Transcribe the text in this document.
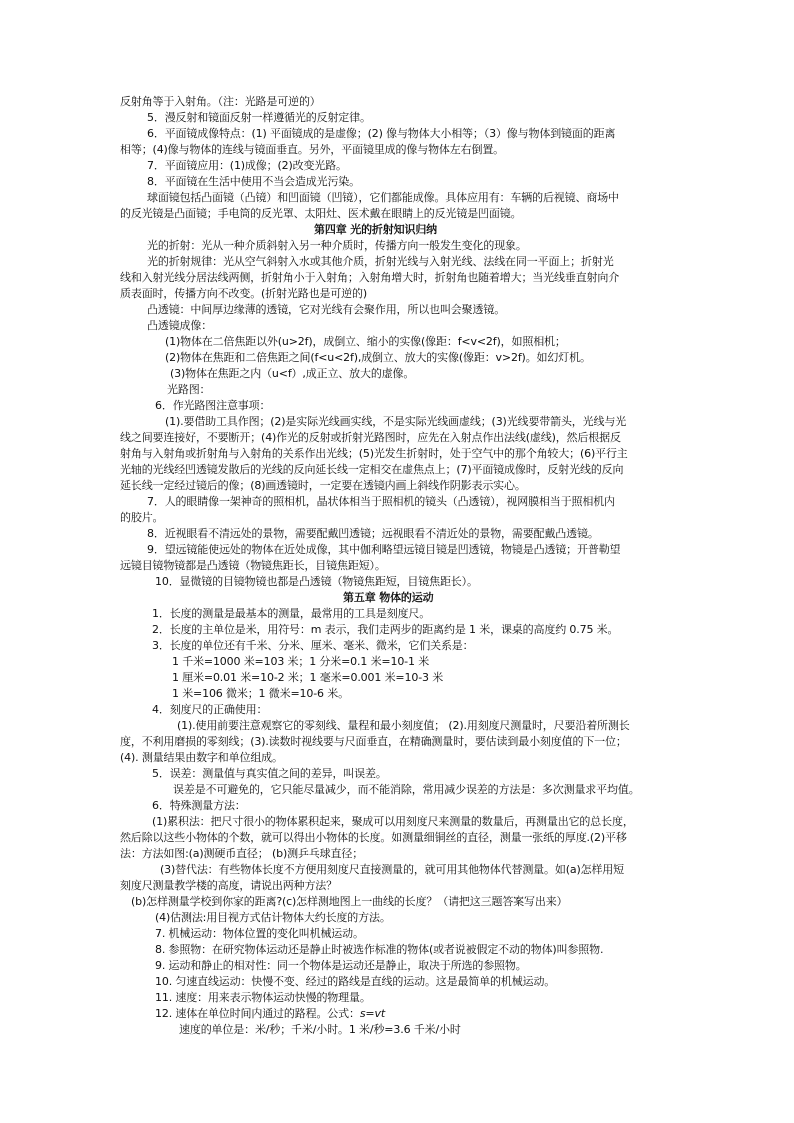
反射角等于入射角。（注：光路是可逆的）
5．漫反射和镜面反射一样遵循光的反射定律。
6．平面镜成像特点：(1) 平面镜成的是虚像；(2) 像与物体大小相等；（3）像与物体到镜面的距离
相等；(4)像与物体的连线与镜面垂直。另外，平面镜里成的像与物体左右倒置。
7．平面镜应用：(1)成像；(2)改变光路。
8．平面镜在生活中使用不当会造成光污染。
球面镜包括凸面镜（凸镜）和凹面镜（凹镜），它们都能成像。具体应用有：车辆的后视镜、商场中
的反光镜是凸面镜；手电筒的反光罩、太阳灶、医术戴在眼睛上的反光镜是凹面镜。
第四章 光的折射知识归纳
光的折射：光从一种介质斜射入另一种介质时，传播方向一般发生变化的现象。
光的折射规律：光从空气斜射入水或其他介质，折射光线与入射光线、法线在同一平面上；折射光
线和入射光线分居法线两侧，折射角小于入射角；入射角增大时，折射角也随着增大；当光线垂直射向介
质表面时，传播方向不改变。(折射光路也是可逆的)
凸透镜：中间厚边缘薄的透镜，它对光线有会聚作用，所以也叫会聚透镜。
凸透镜成像：
(1)物体在二倍焦距以外(u>2f)，成倒立、缩小的实像(像距：f<v<2f)，如照相机；
(2)物体在焦距和二倍焦距之间(f<u<2f),成倒立、放大的实像(像距：v>2f)。如幻灯机。
(3)物体在焦距之内（u<f）,成正立、放大的虚像。
光路图：
6．作光路图注意事项：
(1).要借助工具作图；(2)是实际光线画实线，不是实际光线画虚线；(3)光线要带箭头，光线与光
线之间要连接好，不要断开；(4)作光的反射或折射光路图时，应先在入射点作出法线(虚线)，然后根据反
射角与入射角或折射角与入射角的关系作出光线；(5)光发生折射时，处于空气中的那个角较大；(6)平行主
光轴的光线经凹透镜发散后的光线的反向延长线一定相交在虚焦点上；(7)平面镜成像时，反射光线的反向
延长线一定经过镜后的像；(8)画透镜时，一定要在透镜内画上斜线作阴影表示实心。
7．人的眼睛像一架神奇的照相机，晶状体相当于照相机的镜头（凸透镜），视网膜相当于照相机内
的胶片。
8．近视眼看不清远处的景物，需要配戴凹透镜；远视眼看不清近处的景物，需要配戴凸透镜。
9．望远镜能使远处的物体在近处成像，其中伽利略望远镜目镜是凹透镜，物镜是凸透镜；开普勒望
远镜目镜物镜都是凸透镜（物镜焦距长，目镜焦距短）。
10．显微镜的目镜物镜也都是凸透镜（物镜焦距短，目镜焦距长）。
第五章 物体的运动
1．长度的测量是最基本的测量，最常用的工具是刻度尺。
2．长度的主单位是米，用符号：m 表示，我们走两步的距离约是 1 米，课桌的高度约 0.75 米。
3．长度的单位还有千米、分米、厘米、毫米、微米，它们关系是：
1 千米=1000 米=103 米；1 分米=0.1 米=10-1 米
1 厘米=0.01 米=10-2 米；1 毫米=0.001 米=10-3 米
1 米=106 微米；1 微米=10-6 米。
4．刻度尺的正确使用：
(1).使用前要注意观察它的零刻线、量程和最小刻度值； (2).用刻度尺测量时，尺要沿着所测长
度，不利用磨损的零刻线；(3).读数时视线要与尺面垂直，在精确测量时，要估读到最小刻度值的下一位；
(4). 测量结果由数字和单位组成。
5．误差：测量值与真实值之间的差异，叫误差。
误差是不可避免的，它只能尽量减少，而不能消除，常用减少误差的方法是：多次测量求平均值。
6．特殊测量方法：
(1)累积法：把尺寸很小的物体累积起来，聚成可以用刻度尺来测量的数量后，再测量出它的总长度，
然后除以这些小物体的个数，就可以得出小物体的长度。如测量细铜丝的直径，测量一张纸的厚度.(2)平移
法：方法如图:(a)测硬币直径； (b)测乒乓球直径；
(3)替代法：有些物体长度不方便用刻度尺直接测量的，就可用其他物体代替测量。如(a)怎样用短
刻度尺测量教学楼的高度，请说出两种方法？
(b)怎样测量学校到你家的距离?(c)怎样测地图上一曲线的长度？（请把这三题答案写出来）
(4)估测法:用目视方式估计物体大约长度的方法。
7. 机械运动：物体位置的变化叫机械运动。
8. 参照物：在研究物体运动还是静止时被选作标准的物体(或者说被假定不动的物体)叫参照物.
9. 运动和静止的相对性：同一个物体是运动还是静止，取决于所选的参照物。
10. 匀速直线运动：快慢不变、经过的路线是直线的运动。这是最简单的机械运动。
11. 速度：用来表示物体运动快慢的物理量。
12. 速体在单位时间内通过的路程。公式：s=vt
速度的单位是：米/秒；千米/小时。1 米/秒=3.6 千米/小时
